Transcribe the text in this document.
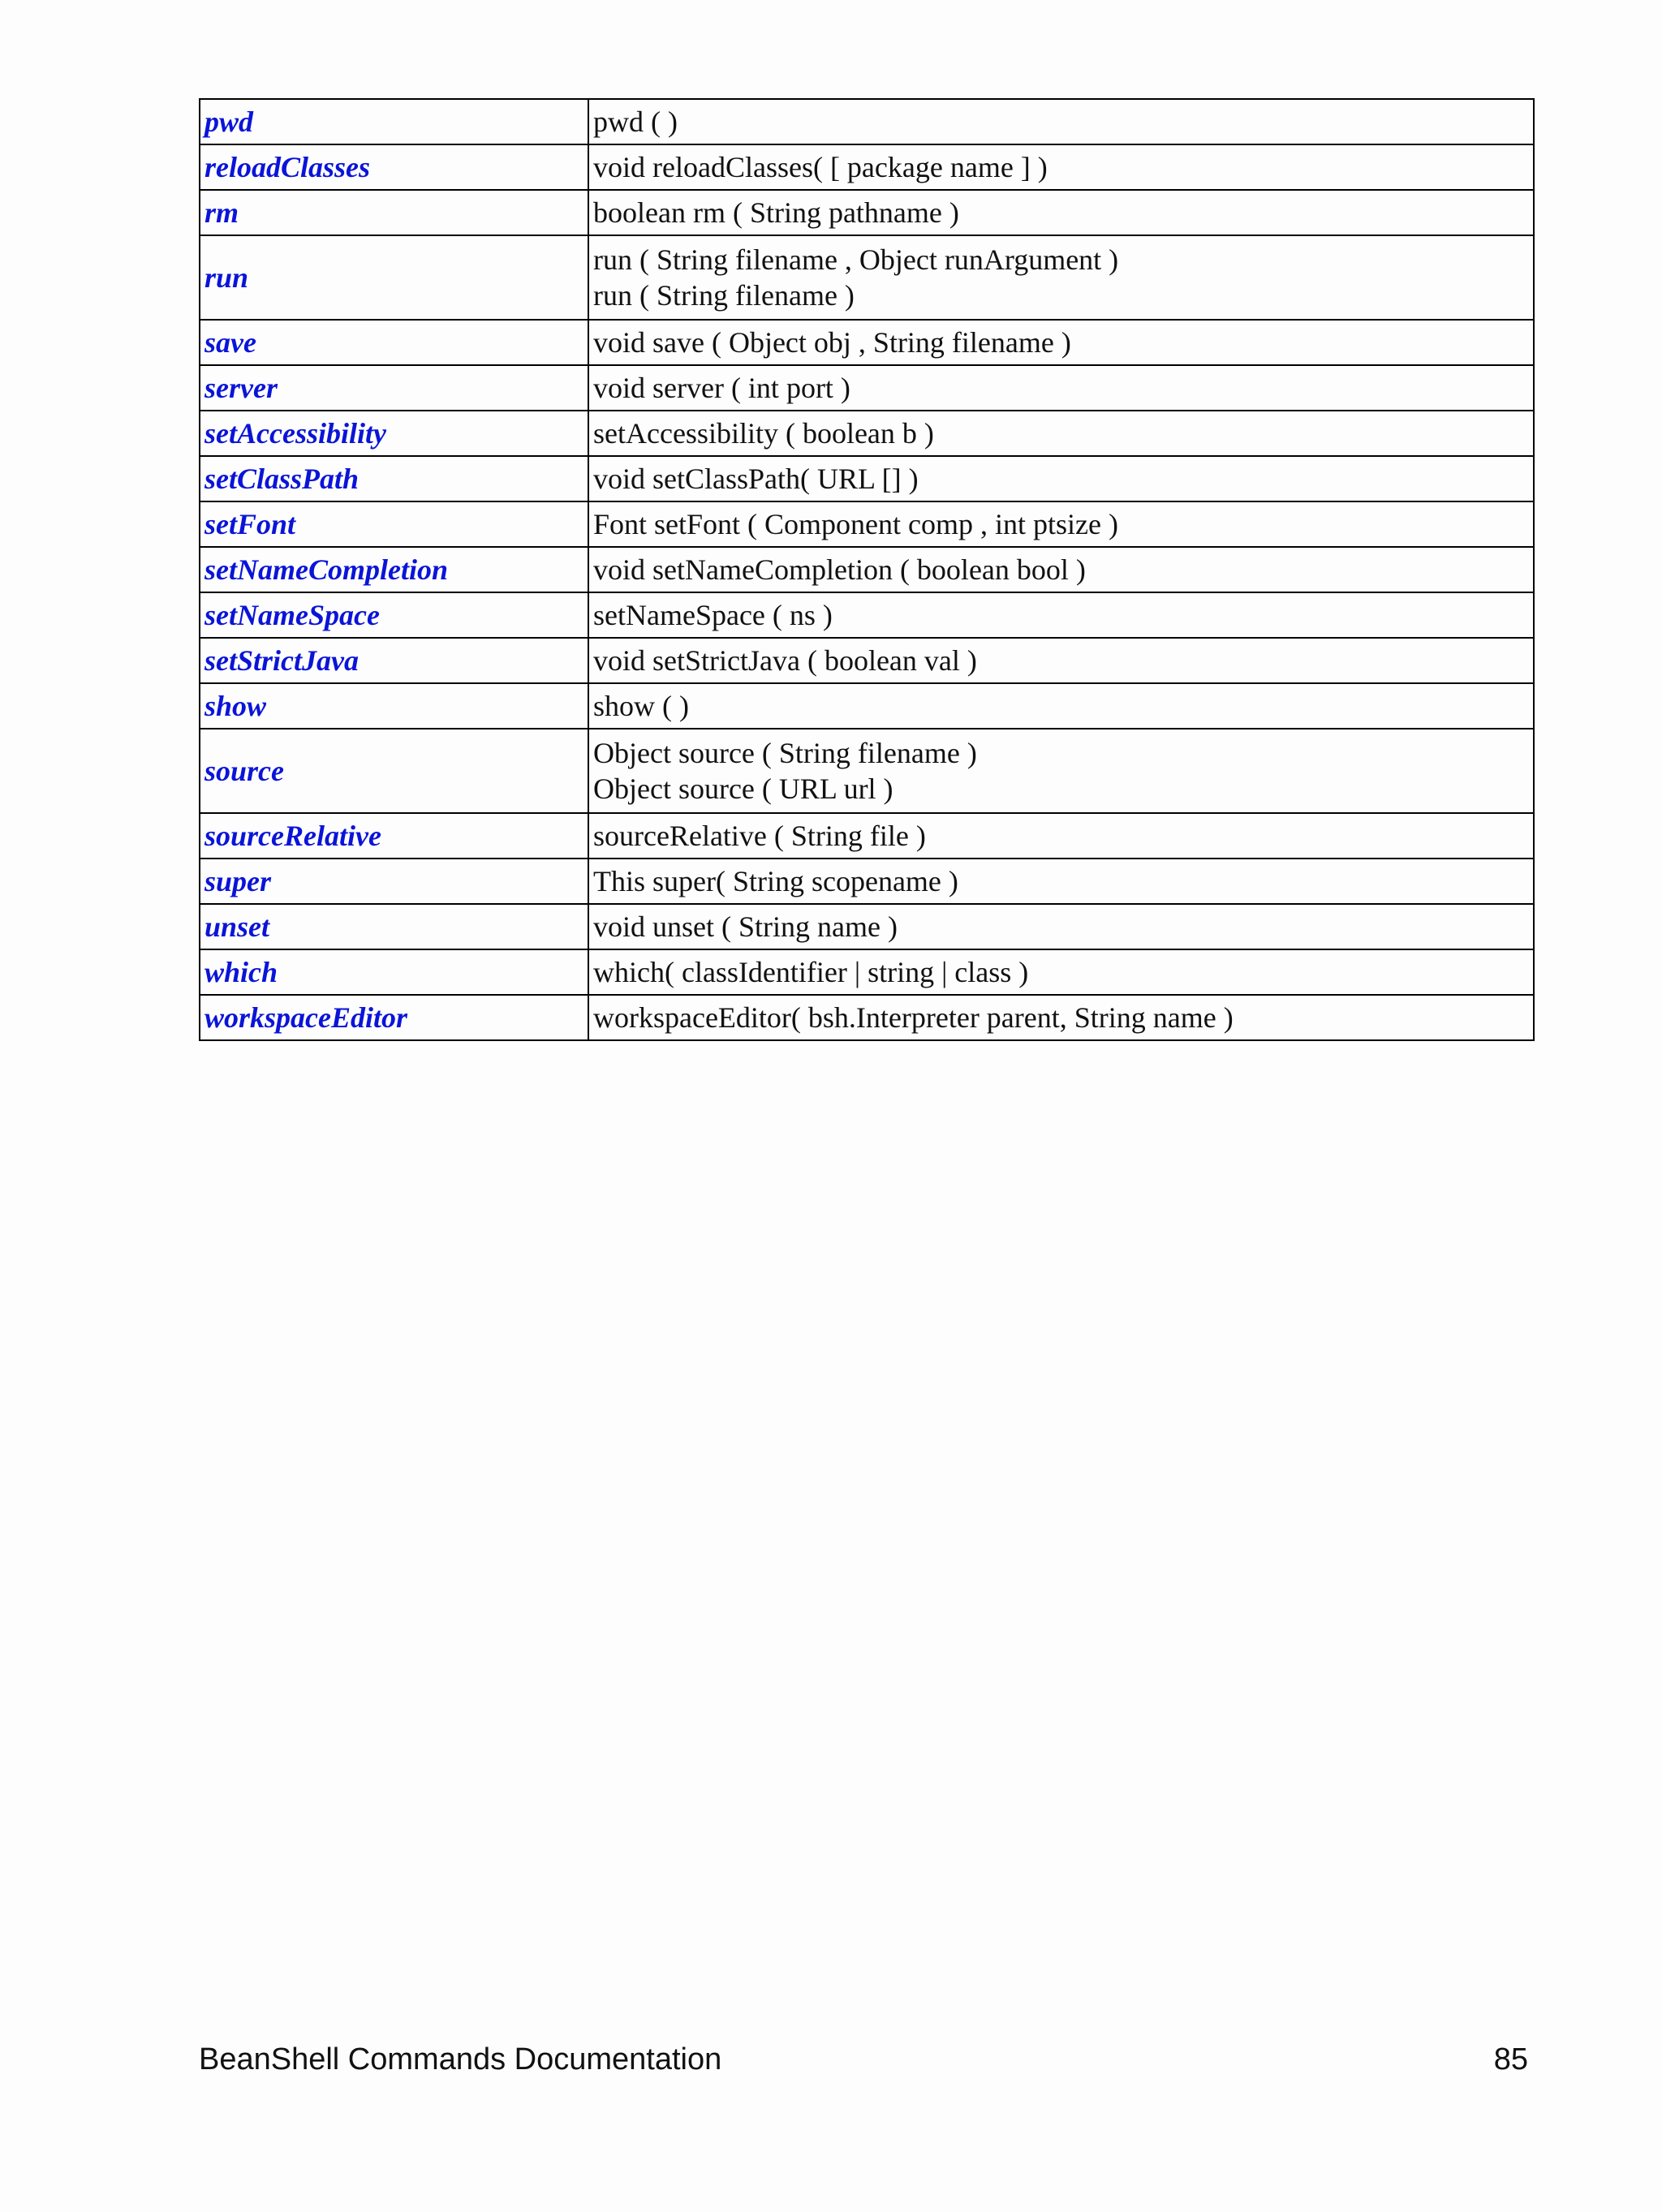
pwd	pwd ( )

reloadClasses	void reloadClasses( [ package name ] )

rm	boolean rm ( String pathname )

run	run ( String filename , Object runArgument )
run ( String filename )

save	void save ( Object obj , String filename )

server	void server ( int port )

setAccessibility	setAccessibility ( boolean b )

setClassPath	void setClassPath( URL [] )

setFont	Font setFont ( Component comp , int ptsize )

setNameCompletion	void setNameCompletion ( boolean bool )

setNameSpace	setNameSpace ( ns )

setStrictJava	void setStrictJava ( boolean val )

show	show ( )

source	Object source ( String filename )
Object source ( URL url )

sourceRelative	sourceRelative ( String file )

super	This super( String scopename )

unset	void unset ( String name )

which	which( classIdentifier | string | class )

workspaceEditor	workspaceEditor( bsh.Interpreter parent, String name )
BeanShell Commands Documentation	85
